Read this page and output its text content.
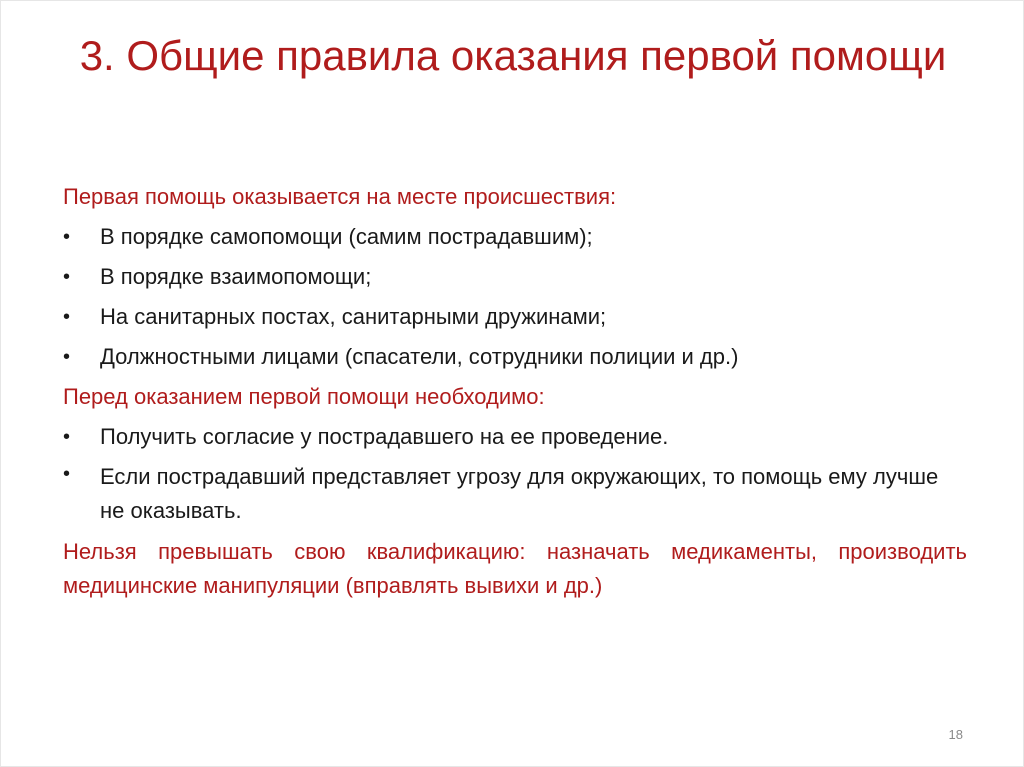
3. Общие правила оказания первой помощи

Первая помощь оказывается на месте происшествия:

•	В порядке самопомощи (самим пострадавшим);
•	В порядке взаимопомощи;
•	На санитарных постах, санитарными дружинами;
•	Должностными лицами (спасатели, сотрудники полиции и др.)

Перед оказанием первой помощи необходимо:

•	Получить согласие у пострадавшего на ее проведение.
•	Если пострадавший представляет угрозу для окружающих, то помощь ему лучше не оказывать.

Нельзя превышать свою квалификацию: назначать медикаменты, производить медицинские манипуляции (вправлять вывихи и др.)

18
